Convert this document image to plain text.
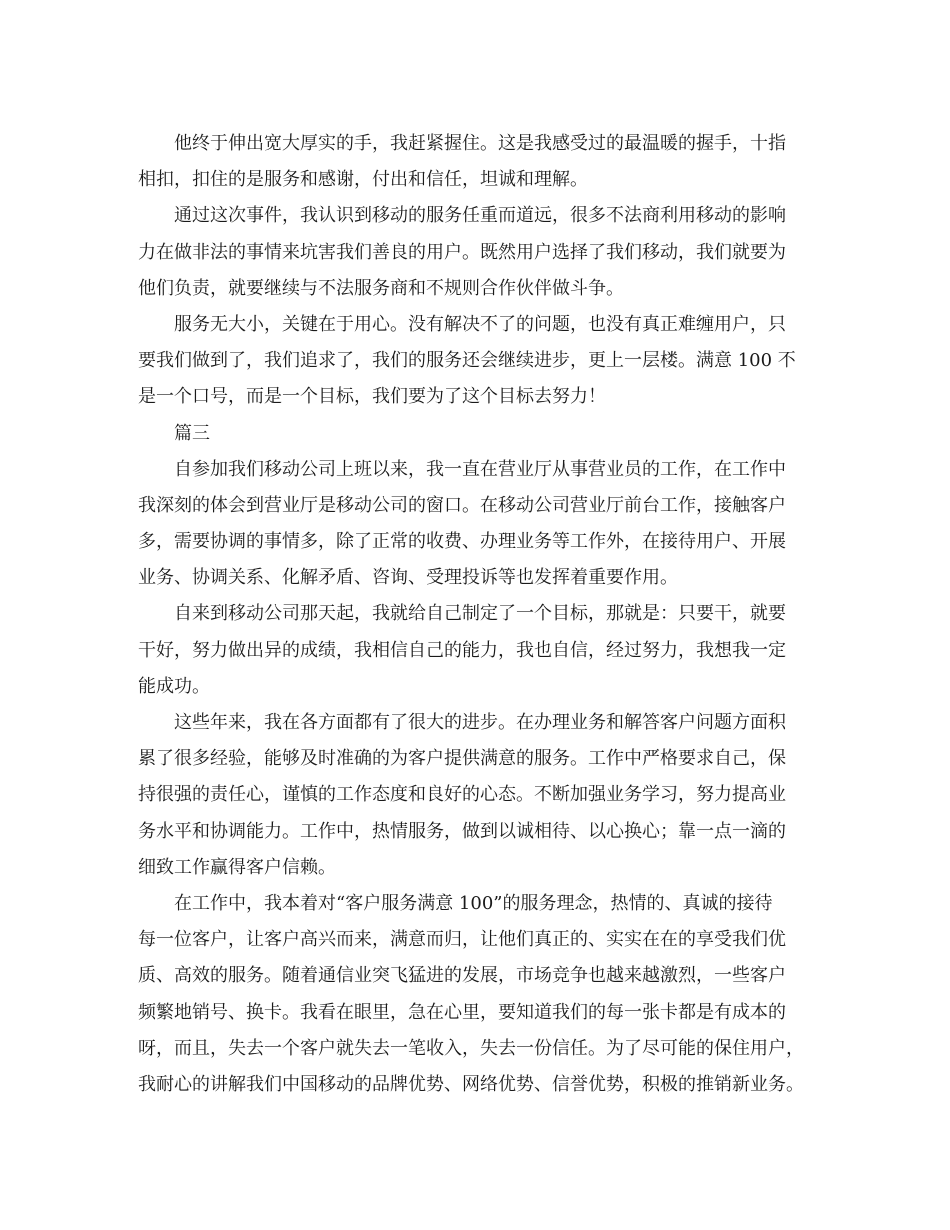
他终于伸出宽大厚实的手，我赶紧握住。这是我感受过的最温暖的握手，十指
相扣，扣住的是服务和感谢，付出和信任，坦诚和理解。
通过这次事件，我认识到移动的服务任重而道远，很多不法商利用移动的影响
力在做非法的事情来坑害我们善良的用户。既然用户选择了我们移动，我们就要为
他们负责，就要继续与不法服务商和不规则合作伙伴做斗争。
服务无大小，关键在于用心。没有解决不了的问题，也没有真正难缠用户，只
要我们做到了，我们追求了，我们的服务还会继续进步，更上一层楼。满意 100 不
是一个口号，而是一个目标，我们要为了这个目标去努力！
篇三
自参加我们移动公司上班以来，我一直在营业厅从事营业员的工作，在工作中
我深刻的体会到营业厅是移动公司的窗口。在移动公司营业厅前台工作，接触客户
多，需要协调的事情多，除了正常的收费、办理业务等工作外，在接待用户、开展
业务、协调关系、化解矛盾、咨询、受理投诉等也发挥着重要作用。
自来到移动公司那天起，我就给自己制定了一个目标，那就是：只要干，就要
干好，努力做出异的成绩，我相信自己的能力，我也自信，经过努力，我想我一定
能成功。
这些年来，我在各方面都有了很大的进步。在办理业务和解答客户问题方面积
累了很多经验，能够及时准确的为客户提供满意的服务。工作中严格要求自己，保
持很强的责任心，谨慎的工作态度和良好的心态。不断加强业务学习，努力提高业
务水平和协调能力。工作中，热情服务，做到以诚相待、以心换心；靠一点一滴的
细致工作赢得客户信赖。
在工作中，我本着对“客户服务满意 100”的服务理念，热情的、真诚的接待
每一位客户，让客户高兴而来，满意而归，让他们真正的、实实在在的享受我们优
质、高效的服务。随着通信业突飞猛进的发展，市场竞争也越来越激烈，一些客户
频繁地销号、换卡。我看在眼里，急在心里，要知道我们的每一张卡都是有成本的
呀，而且，失去一个客户就失去一笔收入，失去一份信任。为了尽可能的保住用户，
我耐心的讲解我们中国移动的品牌优势、网络优势、信誉优势，积极的推销新业务。
